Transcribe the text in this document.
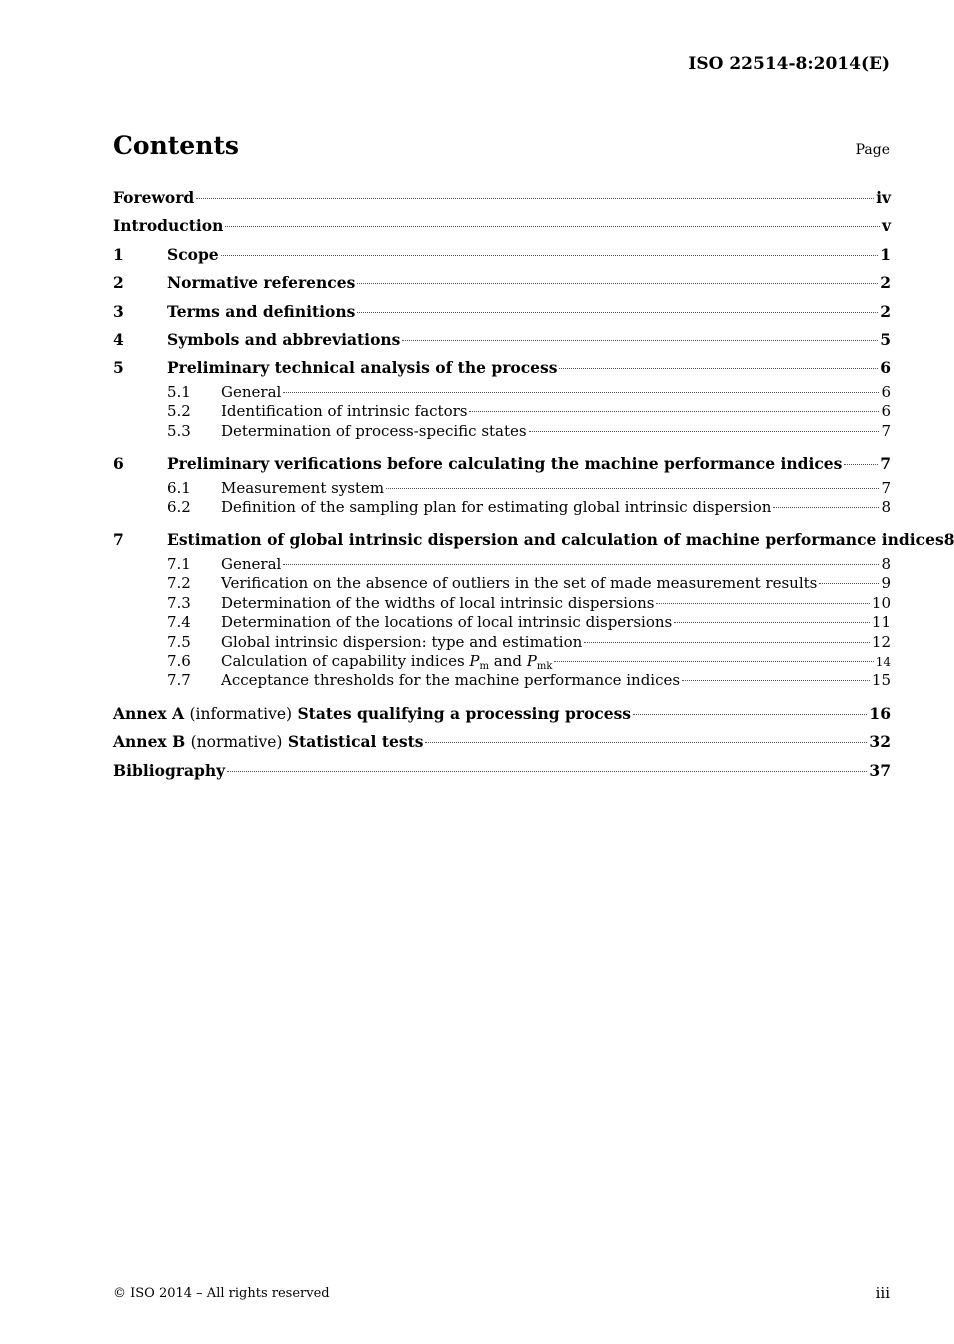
ISO 22514-8:2014(E)
Contents	Page
Foreword	iv
Introduction	v
1	Scope	1
2	Normative references	2
3	Terms and definitions	2
4	Symbols and abbreviations	5
5	Preliminary technical analysis of the process	6
5.1	General	6
5.2	Identification of intrinsic factors	6
5.3	Determination of process-specific states	7
6	Preliminary verifications before calculating the machine performance indices 7
6.1	Measurement system	7
6.2	Definition of the sampling plan for estimating global intrinsic dispersion	8
7	Estimation of global intrinsic dispersion and calculation of machine performance indices 8
7.1	General	8
7.2	Verification on the absence of outliers in the set of made measurement results	9
7.3	Determination of the widths of local intrinsic dispersions	10
7.4	Determination of the locations of local intrinsic dispersions	11
7.5	Global intrinsic dispersion: type and estimation	12
7.6	Calculation of capability indices $P_m$ and $P_{mk}$	14
7.7	Acceptance thresholds for the machine performance indices	15
Annex A (informative) States qualifying a processing process	16
Annex B (normative) Statistical tests	32
Bibliography	37
© ISO 2014 – All rights reserved	iii
